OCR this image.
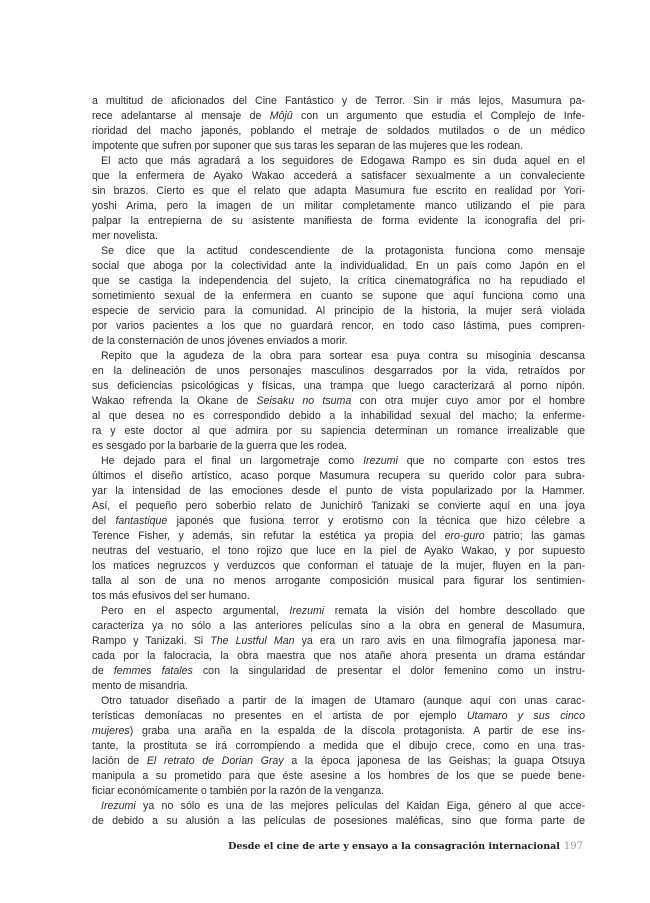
a multitud de aficionados del Cine Fantástico y de Terror. Sin ir más lejos, Masumura pa-
rece adelantarse al mensaje de Môjû con un argumento que estudia el Complejo de Infe-
rioridad del macho japonés, poblando el metraje de soldados mutilados o de un médico
impotente que sufren por suponer que sus taras les separan de las mujeres que les rodean.
El acto que más agradará a los seguidores de Edogawa Rampo es sin duda aquel en el
que la enfermera de Ayako Wakao accederá a satisfacer sexualmente a un convaleciente
sin brazos. Cierto es que el relato que adapta Masumura fue escrito en realidad por Yori-
yoshi Arima, pero la imagen de un militar completamente manco utilizando el pie para
palpar la entrepierna de su asistente manifiesta de forma evidente la iconografía del pri-
mer novelista.
Se dice que la actitud condescendiente de la protagonista funciona como mensaje
social que aboga por la colectividad ante la individualidad. En un país como Japón en el
que se castiga la independencia del sujeto, la crítica cinematográfica no ha repudiado el
sometimiento sexual de la enfermera en cuanto se supone que aquí funciona como una
especie de servicio para la comunidad. Al principio de la historia, la mujer será violada
por varios pacientes a los que no guardará rencor, en todo caso lástima, pues compren-
de la consternación de unos jóvenes enviados a morir.
Repito que la agudeza de la obra para sortear esa puya contra su misoginia descansa
en la delineación de unos personajes masculinos desgarrados por la vida, retraídos por
sus deficiencias psicológicas y físicas, una trampa que luego caracterizará al porno nipón.
Wakao refrenda la Okane de Seisaku no tsuma con otra mujer cuyo amor por el hombre
al que desea no es correspondido debido a la inhabilidad sexual del macho; la enferme-
ra y este doctor al que admira por su sapiencia determinan un romance irrealizable que
es sesgado por la barbarie de la guerra que les rodea.
He dejado para el final un largometraje como Irezumi que no comparte con estos tres
últimos el diseño artístico, acaso porque Masumura recupera su querido color para subra-
yar la intensidad de las emociones desde el punto de vista popularizado por la Hammer.
Así, el pequeño pero soberbio relato de Junichirô Tanizaki se convierte aquí en una joya
del fantastique japonés que fusiona terror y erotismo con la técnica que hizo célebre a
Terence Fisher, y además, sin refutar la estética ya propia del ero-guro patrio; las gamas
neutras del vestuario, el tono rojizo que luce en la piel de Ayako Wakao, y por supuesto
los matices negruzcos y verduzcos que conforman el tatuaje de la mujer, fluyen en la pan-
talla al son de una no menos arrogante composición musical para figurar los sentimien-
tos más efusivos del ser humano.
Pero en el aspecto argumental, Irezumi remata la visión del hombre descollado que
caracteriza ya no sólo a las anteriores películas sino a la obra en general de Masumura,
Rampo y Tanizaki. Si The Lustful Man ya era un raro avis en una filmografía japonesa mar-
cada por la falocracia, la obra maestra que nos atañe ahora presenta un drama estándar
de femmes fatales con la singularidad de presentar el dolor femenino como un instru-
mento de misandria.
Otro tatuador diseñado a partir de la imagen de Utamaro (aunque aquí con unas carac-
terísticas demoníacas no presentes en el artista de por ejemplo Utamaro y sus cinco
mujeres) graba una araña en la espalda de la díscola protagonista. A partir de ese ins-
tante, la prostituta se irá corrompiendo a medida que el dibujo crece, como en una tras-
lación de El retrato de Dorian Gray a la época japonesa de las Geishas; la guapa Otsuya
manipula a su prometido para que éste asesine a los hombres de los que se puede bene-
ficiar económicamente o también por la razón de la venganza.
Irezumi ya no sólo es una de las mejores películas del Kaidan Eiga, género al que acce-
de debido a su alusión a las películas de posesiones maléficas, sino que forma parte de
Desde el cine de arte y ensayo a la consagración internacional 197
